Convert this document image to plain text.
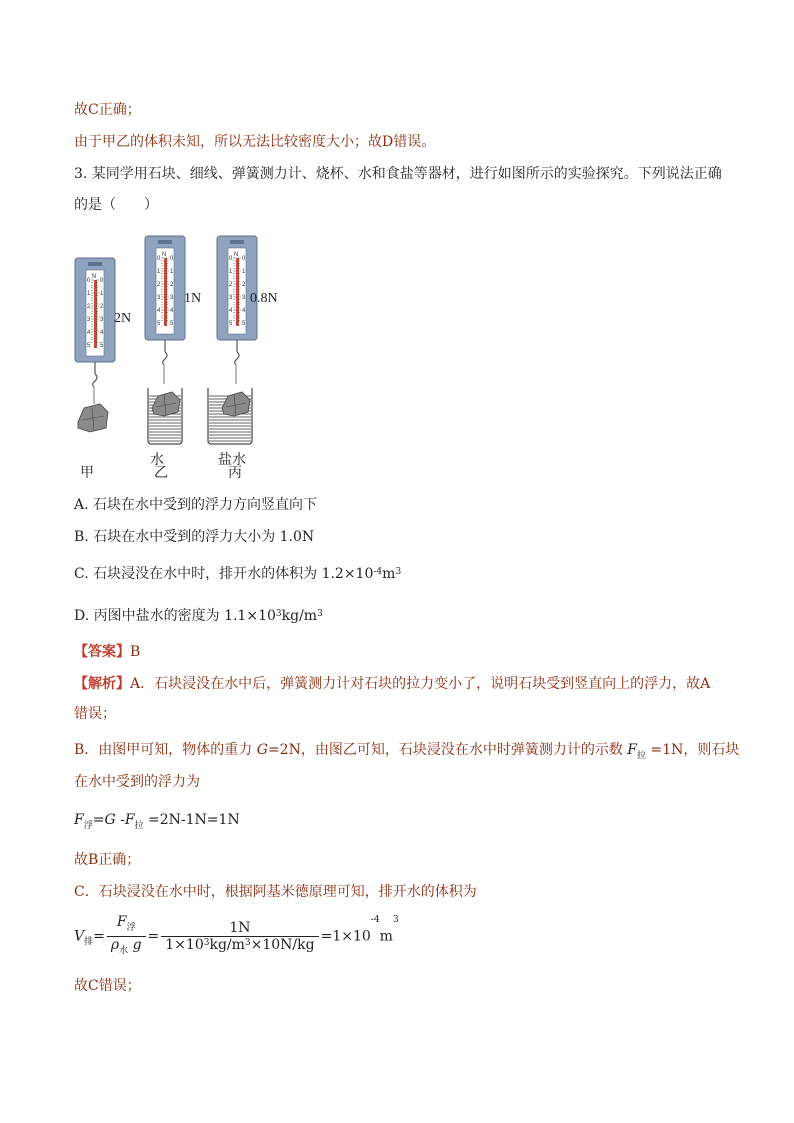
故C正确；
由于甲乙的体积未知，所以无法比较密度大小；故D错误。
3. 某同学用石块、细线、弹簧测力计、烧杯、水和食盐等器材，进行如图所示的实验探究。下列说法正确
的是（　　）
N
2N
N
1N
水
N
0.8N
盐水
甲	乙	丙
0 0
1 1
2 2
3 3
4 4
5 5
0 0
1 1
2 2
3 3
4 4
5 5
0 0
1 1
2 2
3 3
4 4
5 5
A. 石块在水中受到的浮力方向竖直向下
B. 石块在水中受到的浮力大小为 1.0N
C. 石块浸没在水中时，排开水的体积为 $1.2\times 10^{-4}m^3$
D. 丙图中盐水的密度为 $1.1\times 10^3kg/m^3$
【答案】B
【解析】A．石块浸没在水中后，弹簧测力计对石块的拉力变小了，说明石块受到竖直向上的浮力，故A
错误；
B．由图甲可知，物体的重力 G=2N，由图乙可知，石块浸没在水中时弹簧测力计的示数 $F_拉 =1N$，则石块
在水中受到的浮力为
$F_浮=G$ $-F_拉 =2N-1N=1N$
故B正确；
C．石块浸没在水中时，根据阿基米德原理可知，排开水的体积为
$V_排= \frac{F_浮}{\rho_水 g} = \frac{1N}{1\times 10^3kg/m^3\times 10N/kg} =1\times 10^{-4}m^3$
故C错误；
